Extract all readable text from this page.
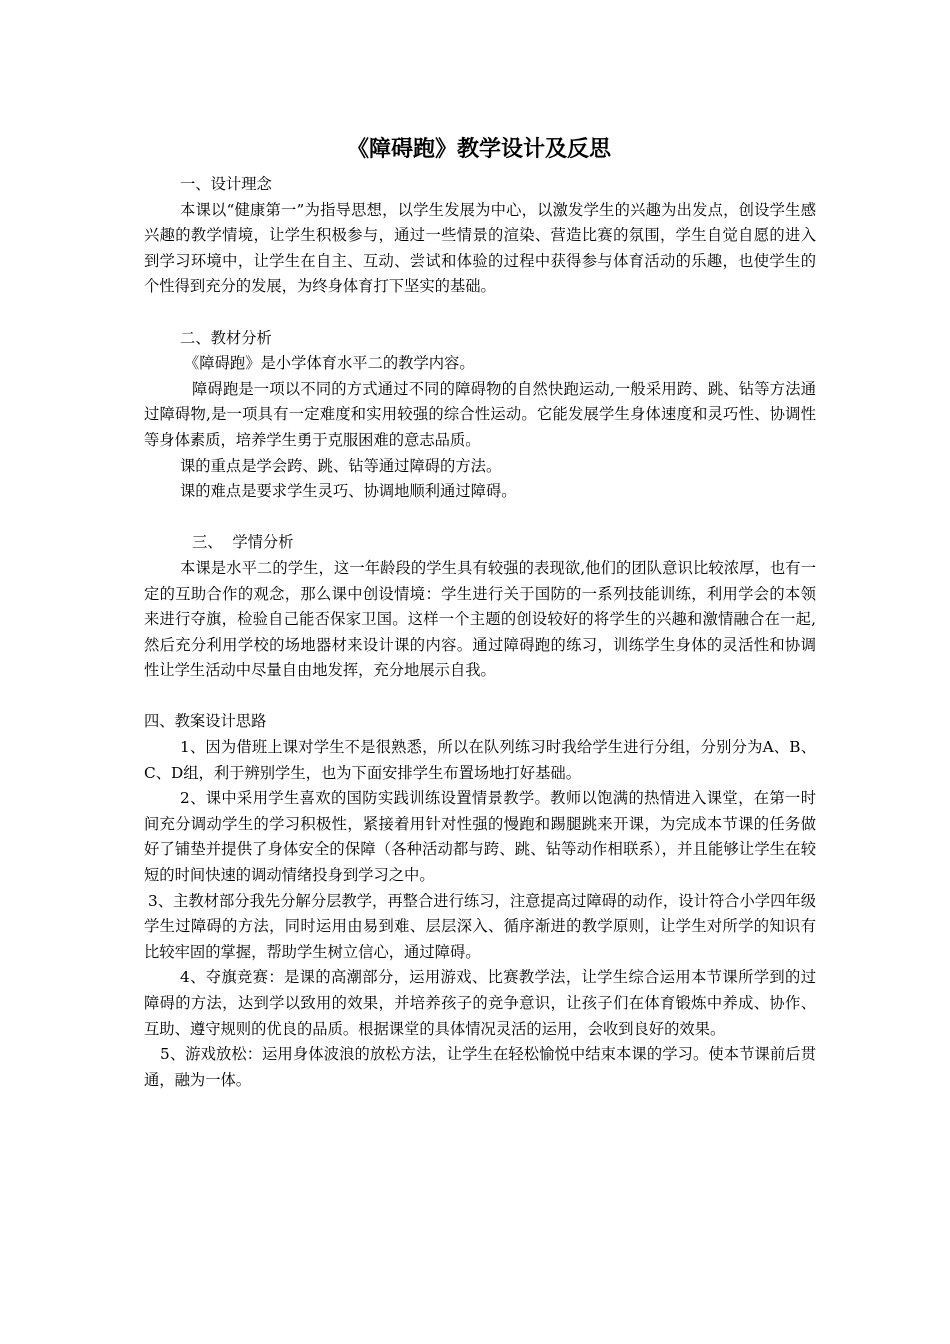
《障碍跑》教学设计及反思

一、设计理念

本课以“健康第一”为指导思想，以学生发展为中心，以激发学生的兴趣为出发点，创设学生感兴趣的教学情境，让学生积极参与，通过一些情景的渲染、营造比赛的氛围，学生自觉自愿的进入到学习环境中，让学生在自主、互动、尝试和体验的过程中获得参与体育活动的乐趣，也使学生的个性得到充分的发展，为终身体育打下坚实的基础。

二、教材分析

《障碍跑》是小学体育水平二的教学内容。

障碍跑是一项以不同的方式通过不同的障碍物的自然快跑运动,一般采用跨、跳、钻等方法通过障碍物,是一项具有一定难度和实用较强的综合性运动。它能发展学生身体速度和灵巧性、协调性等身体素质，培养学生勇于克服困难的意志品质。

课的重点是学会跨、跳、钻等通过障碍的方法。

课的难点是要求学生灵巧、协调地顺利通过障碍。

三、  学情分析

本课是水平二的学生，这一年龄段的学生具有较强的表现欲,他们的团队意识比较浓厚，也有一定的互助合作的观念，那么课中创设情境：学生进行关于国防的一系列技能训练，利用学会的本领来进行夺旗，检验自己能否保家卫国。这样一个主题的创设较好的将学生的兴趣和激情融合在一起,然后充分利用学校的场地器材来设计课的内容。通过障碍跑的练习，训练学生身体的灵活性和协调性让学生活动中尽量自由地发挥，充分地展示自我。

四、教案设计思路

1、因为借班上课对学生不是很熟悉，所以在队列练习时我给学生进行分组，分别分为A、B、C、D组，利于辨别学生，也为下面安排学生布置场地打好基础。

2、课中采用学生喜欢的国防实践训练设置情景教学。教师以饱满的热情进入课堂，在第一时间充分调动学生的学习积极性，紧接着用针对性强的慢跑和踢腿跳来开课，为完成本节课的任务做好了铺垫并提供了身体安全的保障（各种活动都与跨、跳、钻等动作相联系），并且能够让学生在较短的时间快速的调动情绪投身到学习之中。

3、主教材部分我先分解分层教学，再整合进行练习，注意提高过障碍的动作，设计符合小学四年级学生过障碍的方法，同时运用由易到难、层层深入、循序渐进的教学原则，让学生对所学的知识有比较牢固的掌握，帮助学生树立信心，通过障碍。

4、夺旗竞赛：是课的高潮部分，运用游戏、比赛教学法，让学生综合运用本节课所学到的过障碍的方法，达到学以致用的效果，并培养孩子的竞争意识，让孩子们在体育锻炼中养成、协作、互助、遵守规则的优良的品质。根据课堂的具体情况灵活的运用，会收到良好的效果。

5、游戏放松：运用身体波浪的放松方法，让学生在轻松愉悦中结束本课的学习。使本节课前后贯通，融为一体。
